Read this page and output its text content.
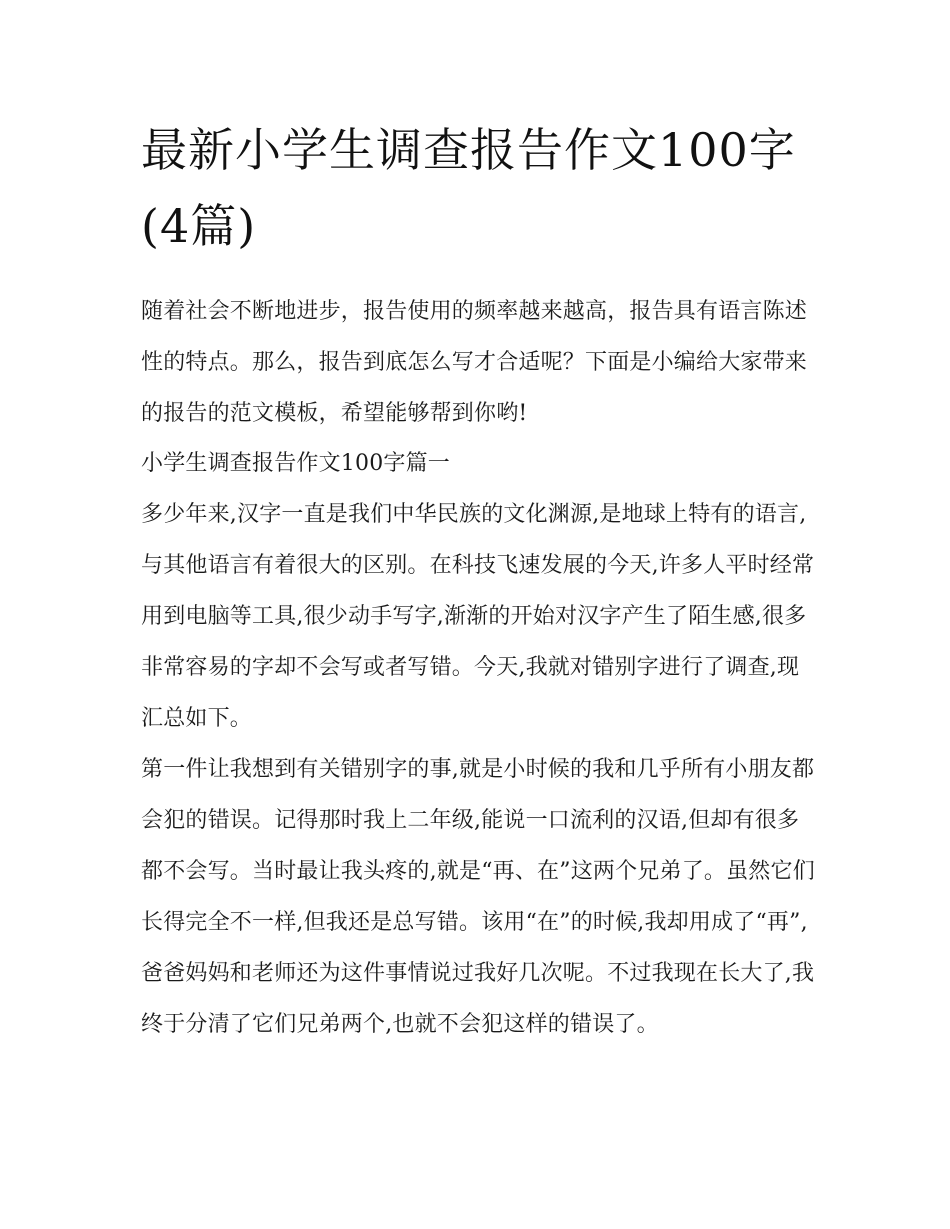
最新小学生调查报告作文100字(4篇)

随着社会不断地进步，报告使用的频率越来越高，报告具有语言陈述性的特点。那么，报告到底怎么写才合适呢？下面是小编给大家带来的报告的范文模板，希望能够帮到你哟!

小学生调查报告作文100字篇一

多少年来,汉字一直是我们中华民族的文化渊源,是地球上特有的语言,与其他语言有着很大的区别。在科技飞速发展的今天,许多人平时经常用到电脑等工具,很少动手写字,渐渐的开始对汉字产生了陌生感,很多非常容易的字却不会写或者写错。今天,我就对错别字进行了调查,现汇总如下。

第一件让我想到有关错别字的事,就是小时候的我和几乎所有小朋友都会犯的错误。记得那时我上二年级,能说一口流利的汉语,但却有很多都不会写。当时最让我头疼的,就是“再、在”这两个兄弟了。虽然它们长得完全不一样,但我还是总写错。该用“在”的时候,我却用成了“再”,爸爸妈妈和老师还为这件事情说过我好几次呢。不过我现在长大了,我终于分清了它们兄弟两个,也就不会犯这样的错误了。
